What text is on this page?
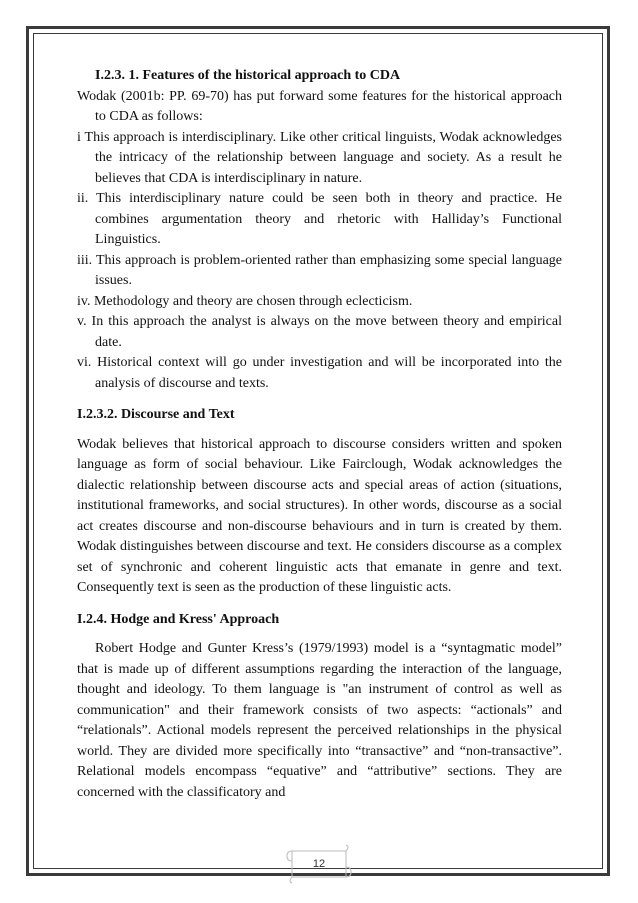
I.2.3. 1. Features of the historical approach to CDA

Wodak (2001b: PP. 69-70) has put forward some features for the historical approach to CDA as follows:

i This approach is interdisciplinary. Like other critical linguists, Wodak acknowledges the intricacy of the relationship between language and society. As a result he believes that CDA is interdisciplinary in nature.

ii. This interdisciplinary nature could be seen both in theory and practice. He combines argumentation theory and rhetoric with Halliday’s Functional Linguistics.

iii. This approach is problem-oriented rather than emphasizing some special language issues.

iv. Methodology and theory are chosen through eclecticism.

v. In this approach the analyst is always on the move between theory and empirical date.

vi. Historical context will go under investigation and will be incorporated into the analysis of discourse and texts.

I.2.3.2. Discourse and Text

Wodak believes that historical approach to discourse considers written and spoken language as form of social behaviour. Like Fairclough, Wodak acknowledges the dialectic relationship between discourse acts and special areas of action (situations, institutional frameworks, and social structures). In other words, discourse as a social act creates discourse and non-discourse behaviours and in turn is created by them. Wodak distinguishes between discourse and text. He considers discourse as a complex set of synchronic and coherent linguistic acts that emanate in genre and text. Consequently text is seen as the production of these linguistic acts.

I.2.4. Hodge and Kress' Approach

Robert Hodge and Gunter Kress’s (1979/1993) model is a “syntagmatic model” that is made up of different assumptions regarding the interaction of the language, thought and ideology. To them language is "an instrument of control as well as communication" and their framework consists of two aspects: “actionals” and “relationals”. Actional models represent the perceived relationships in the physical world. They are divided more specifically into “transactive” and “non-transactive”. Relational models encompass “equative” and “attributive” sections. They are concerned with the classificatory and

12
